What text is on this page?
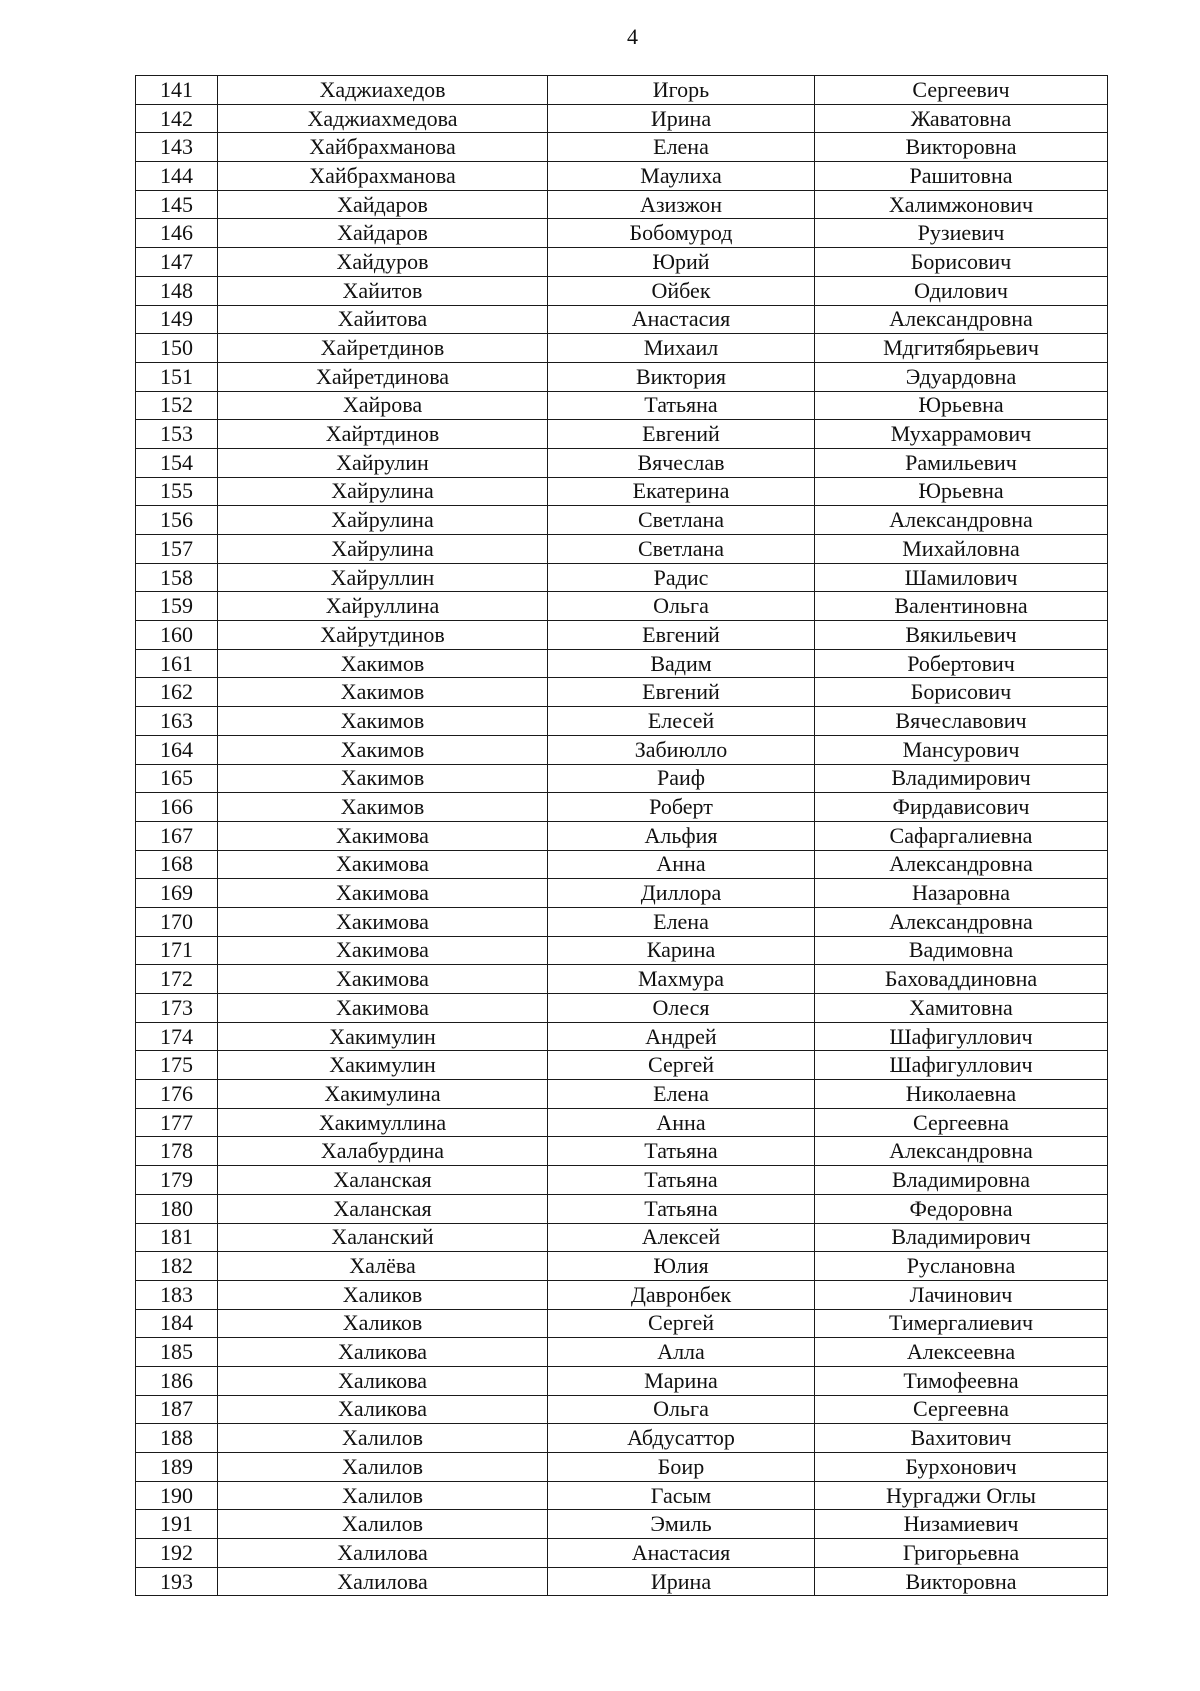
4
141	Хаджиахедов	Игорь	Сергеевич
142	Хаджиахмедова	Ирина	Жаватовна
143	Хайбрахманова	Елена	Викторовна
144	Хайбрахманова	Маулиха	Рашитовна
145	Хайдаров	Азизжон	Халимжонович
146	Хайдаров	Бобомурод	Рузиевич
147	Хайдуров	Юрий	Борисович
148	Хайитов	Ойбек	Одилович
149	Хайитова	Анастасия	Александровна
150	Хайретдинов	Михаил	Мдгитябярьевич
151	Хайретдинова	Виктория	Эдуардовна
152	Хайрова	Татьяна	Юрьевна
153	Хайртдинов	Евгений	Мухаррамович
154	Хайрулин	Вячеслав	Рамильевич
155	Хайрулина	Екатерина	Юрьевна
156	Хайрулина	Светлана	Александровна
157	Хайрулина	Светлана	Михайловна
158	Хайруллин	Радис	Шамилович
159	Хайруллина	Ольга	Валентиновна
160	Хайрутдинов	Евгений	Вякильевич
161	Хакимов	Вадим	Робертович
162	Хакимов	Евгений	Борисович
163	Хакимов	Елесей	Вячеславович
164	Хакимов	Забиюлло	Мансурович
165	Хакимов	Раиф	Владимирович
166	Хакимов	Роберт	Фирдависович
167	Хакимова	Альфия	Сафаргалиевна
168	Хакимова	Анна	Александровна
169	Хакимова	Диллора	Назаровна
170	Хакимова	Елена	Александровна
171	Хакимова	Карина	Вадимовна
172	Хакимова	Махмура	Баховаддиновна
173	Хакимова	Олеся	Хамитовна
174	Хакимулин	Андрей	Шафигуллович
175	Хакимулин	Сергей	Шафигуллович
176	Хакимулина	Елена	Николаевна
177	Хакимуллина	Анна	Сергеевна
178	Халабурдина	Татьяна	Александровна
179	Халанская	Татьяна	Владимировна
180	Халанская	Татьяна	Федоровна
181	Халанский	Алексей	Владимирович
182	Халёва	Юлия	Руслановна
183	Халиков	Давронбек	Лачинович
184	Халиков	Сергей	Тимергалиевич
185	Халикова	Алла	Алексеевна
186	Халикова	Марина	Тимофеевна
187	Халикова	Ольга	Сергеевна
188	Халилов	Абдусаттор	Вахитович
189	Халилов	Боир	Бурхонович
190	Халилов	Гасым	Нургаджи Оглы
191	Халилов	Эмиль	Низамиевич
192	Халилова	Анастасия	Григорьевна
193	Халилова	Ирина	Викторовна
